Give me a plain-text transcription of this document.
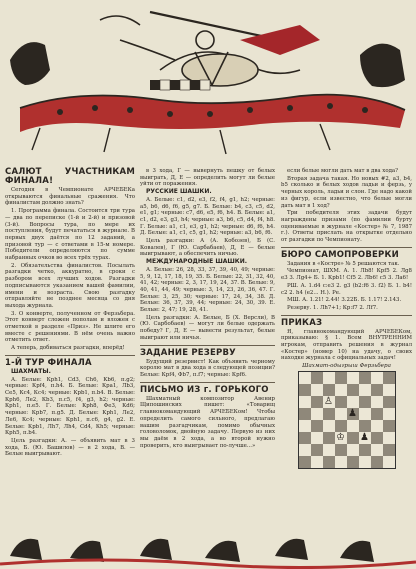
САЛЮТ УЧАСТНИКАМ ФИНАЛА!

Сегодня в Чемпионате АРЧЕБЕКа открываются финальные сражения. Что финалистам должно знать?

1. Программа финала. Состоится три тура — два по переписке (1-й и 2-й) и призовой (3-й). Вопросы тура, по мере их поступления, будут печататься в журнале. В первых двух даётся по 12 заданий, а призовой тур — с ответами в 15-м номере. Победители определяются по сумме набранных очков во всех трёх турах.

2. Обязательства финалистов. Посылать разгадки четко, аккуратно, в сроки с разбором всех лучших ходов. Разгадки подписываются указанием вашей фамилии, имени и возраста. Свою разгадку отправляйте не позднее месяца со дня выхода журнала.

3. О конверте, полученном от Ферзьбера. Этот конверт сложен пополам и вложен с отметкой в разделе «Приз». Не шлите его вместе с решениями. В нём очень важно отметить ответ.

А теперь, добиваться разгадки, вперёд!

1-Й ТУР ФИНАЛА

ШАХМАТЫ.

А. Белые: Крh1, Сd3, Сh6, Кb6, п.g2; черные: Крf4, п.h4. Б. Белые: Кра1, Лb3, Сe5, Кс4, Кс4; черные: Крb1, п.b4. В. Белые: Крh6, Ле2, Кb3, п.с5, f4, g3, h2; черные: Крh1, п.е5. Г. Белые: Крh8, Фе3, Кd6; черные: Крb7, п.g5. Д. Белые: Крh1, Ле2, Ле6, Кс4; черные: Крh1, п.с6, g4, g2. Е. Белые: Крb1, Лh7, Лh4, Сd4, Кh5; черные: Крh5, п.b4.

Цель разгадки: А. — объявить мат в 3 хода, Б. (Ю. Башилов) — в 2 хода, В. — Бeлые выигрывают.

в 3 хода, Г — вывернуть пешку от белых выиграть, Д, Е — определить могут ли белые уйти от поражения.

РУССКИЕ ШАШКИ.

А. Белые: с1, d2, e3, f2, f4, g1, h2; черные: а5, b6, d6, f6, g5, g7. Б. Белые: b4, c3, c5, d2, e1, g1; черные: c7, d6, e5, f6, h4. В. Белые: а1, с1, d2, e3, g3, h4; черные: а3, b6, c5, d4, f4, h8. Г. Белые: а1, с1, е3, g1, h2; черные: d6, f6, h4. Д. Белые: а1, с1, с5, g1, h2; черные: а3, b6, f6.

Цель разгадки: А (А. Кобозев), Б (С. Ковалев), Г (Ю. Сарбабаев), Д, Е — белые выигрывают, а обеспечить ничью.

МЕЖДУНАРОДНЫЕ ШАШКИ.

А. Белые: 26, 28, 33, 37, 39, 40, 49; черные: 5, 9, 12, 17, 18, 19, 35. Б. Белые: 22, 31, 32, 40, 41, 42; черные: 2, 3, 17, 19, 24, 37. В. Белые: 9, 40, 41, 44, 49; черные: 3, 14, 23, 26, 36, 47. Г. Белые: 3, 25, 30; черные: 17, 24, 34, 38. Д. Белые: 36, 37, 39, 44; черные: 24, 30, 39. Е. Белые: 2, 47; 19, 28, 41.

Цель разгадки: А. Белые, Б (Х. Версли), В (Ю. Сарбобаев) — могут ли белые одержать победу? Г, Д, Е — вывести результат, белые выиграют или ничья.

ЗАДАНИЕ РЕЗЕРВУ

Будущий резервист! Как объявить черному королю мат в два хода в следующей позиции? Белые: Крf4, Фb7, п.f7; черные: Крf6.

ПИСЬМО ИЗ г. ГОРЬКОГО

Шахматный композитор Авенир Щипошинских пишет: «Товарищ главнокомандующий АРЧЕБЕКом! Чтобы определить самого сильного, предлагаю вашим разгадчикам, помимо обычных головоломок, двойную задачу. Первую из них мы даём в 2 хода, а во второй нужно проверить, кто выигрывает по-лучше...»

если белые могли дать мат в два хода?

Вторая задача такая. Но новых #2, а3, b4, b5 сколько и белых ходов ладьи и ферзь, у черных король, ладьи и слон. Где надо какой из фигур, если известно, что белые могли дать мат в 1 ход?

Три победителя этих задачи будут награждены призами (по фамилии бурту оцениваемые в журнале «Костер» № 7, 1987 г.). Ответы прислать на открытке отдельно от разгадки по Чемпионату.

БЮРО САМОПРОВЕРКИ

Задания в «Костре» № 5 решаются так.

Чемпионат, ШХМ. А. 1. Лb8! Крf5 2. Лg8 е3 3. Лg4+ Б. 1. Крb1! Сf5 2. Лb6! с5 3. Лa6!

РШ. А. 1.d4 с:е3 2. g3 (b2:f6 3. f2) Б. 1. b4! с2 2. h4 (e2... Н.). Ре.

МШ. А. 1.21! 2.44! 3.22Б. Б. 1.17! 2.143.

Резерву. 1. Лh7+1; Кр:f7 2. Лf7.

ПРИКАЗ

Я, главнокомандующий АРЧЕБЕКом, приказываю: § 1. Всем ВНУТРЕННИМ игрокам, отправить решения в журнал «Костер» (номер 10) на удачу, о своих находке журнала с официальных задач!

Шахмат-одыгрыш Ферзьбера

♙
♟
♔ ♟
